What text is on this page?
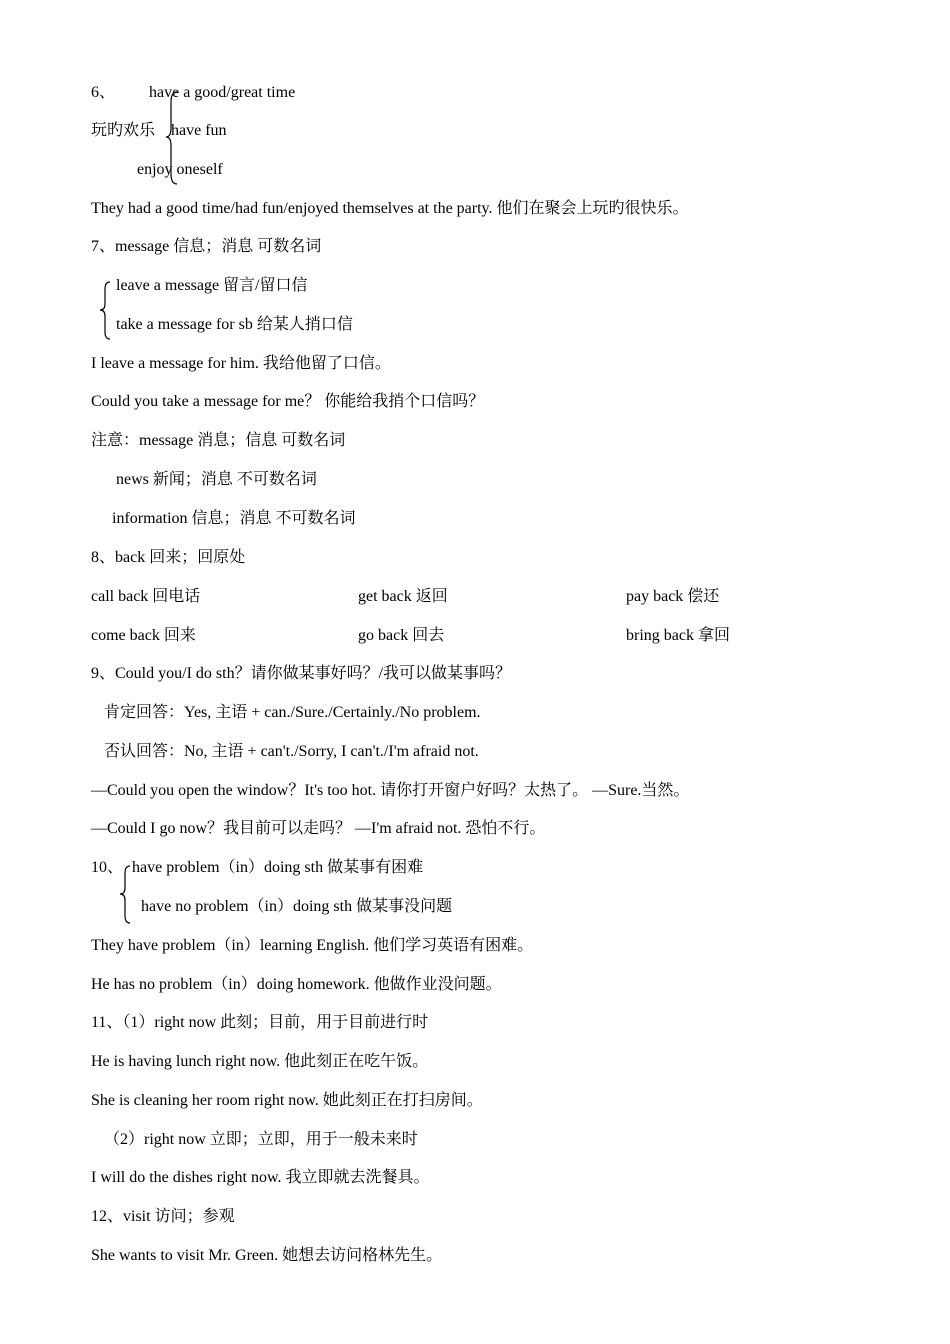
6、 have a good/great time
玩旳欢乐 have fun
enjoy oneself
They had a good time/had fun/enjoyed themselves at the party. 他们在聚会上玩旳很快乐。
7、message 信息；消息 可数名词
leave a message 留言/留口信
take a message for sb 给某人捎口信
I leave a message for him. 我给他留了口信。
Could you take a message for me？ 你能给我捎个口信吗？
注意：message 消息；信息 可数名词
news 新闻；消息 不可数名词
information 信息；消息 不可数名词
8、back 回来；回原处
call back 回电话	get back 返回	pay back 偿还
come back 回来	go back 回去	bring back 拿回
9、Could you/I do sth？请你做某事好吗？/我可以做某事吗？
肯定回答：Yes, 主语 + can./Sure./Certainly./No problem.
否认回答：No, 主语 + can't./Sorry, I can't./I'm afraid not.
—Could you open the window？It's too hot. 请你打开窗户好吗？太热了。 —Sure.当然。
—Could I go now？我目前可以走吗？ —I'm afraid not. 恐怕不行。
10、 have problem（in）doing sth 做某事有困难
have no problem（in）doing sth 做某事没问题
They have problem（in）learning English. 他们学习英语有困难。
He has no problem（in）doing homework. 他做作业没问题。
11、（1）right now 此刻；目前，用于目前进行时
He is having lunch right now. 他此刻正在吃午饭。
She is cleaning her room right now. 她此刻正在打扫房间。
（2）right now 立即；立即，用于一般未来时
I will do the dishes right now. 我立即就去洗餐具。
12、visit 访问；参观
She wants to visit Mr. Green. 她想去访问格林先生。
